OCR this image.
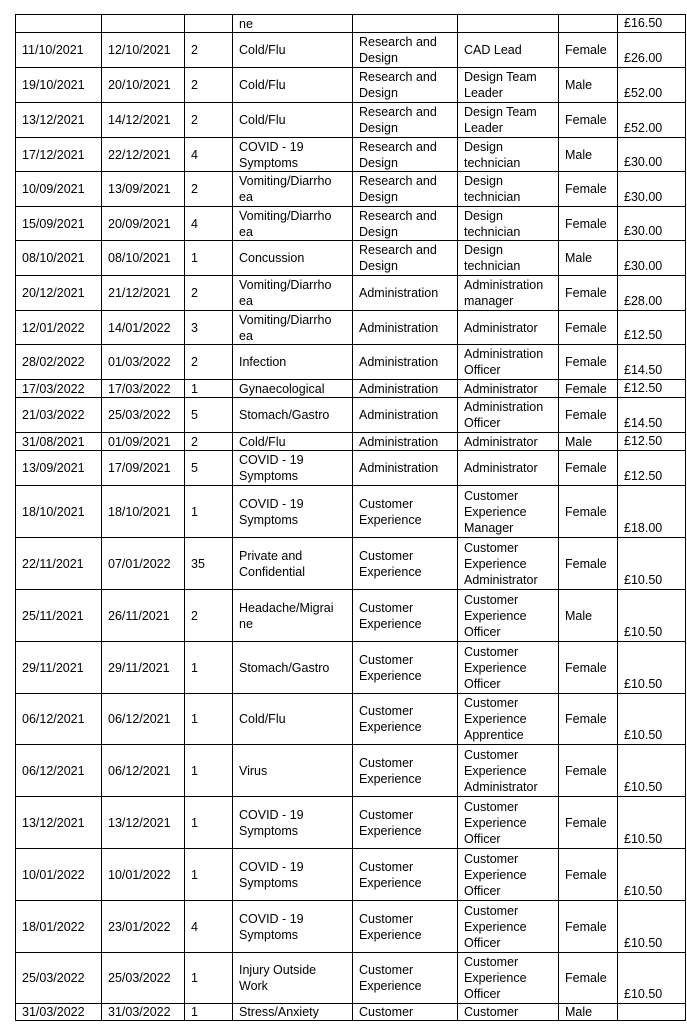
			ne				£16.50
11/10/2021	12/10/2021	2	Cold/Flu	Research and
Design	CAD Lead	Female	£26.00
19/10/2021	20/10/2021	2	Cold/Flu	Research and
Design	Design Team
Leader	Male	£52.00
13/12/2021	14/12/2021	2	Cold/Flu	Research and
Design	Design Team
Leader	Female	£52.00
17/12/2021	22/12/2021	4	COVID - 19
Symptoms	Research and
Design	Design
technician	Male	£30.00
10/09/2021	13/09/2021	2	Vomiting/Diarrho
ea	Research and
Design	Design
technician	Female	£30.00
15/09/2021	20/09/2021	4	Vomiting/Diarrho
ea	Research and
Design	Design
technician	Female	£30.00
08/10/2021	08/10/2021	1	Concussion	Research and
Design	Design
technician	Male	£30.00
20/12/2021	21/12/2021	2	Vomiting/Diarrho
ea	Administration	Administration
manager	Female	£28.00
12/01/2022	14/01/2022	3	Vomiting/Diarrho
ea	Administration	Administrator	Female	£12.50
28/02/2022	01/03/2022	2	Infection	Administration	Administration
Officer	Female	£14.50
17/03/2022	17/03/2022	1	Gynaecological	Administration	Administrator	Female	£12.50
21/03/2022	25/03/2022	5	Stomach/Gastro	Administration	Administration
Officer	Female	£14.50
31/08/2021	01/09/2021	2	Cold/Flu	Administration	Administrator	Male	£12.50
13/09/2021	17/09/2021	5	COVID - 19
Symptoms	Administration	Administrator	Female	£12.50
18/10/2021	18/10/2021	1	COVID - 19
Symptoms	Customer
Experience	Customer
Experience
Manager	Female	£18.00
22/11/2021	07/01/2022	35	Private and
Confidential	Customer
Experience	Customer
Experience
Administrator	Female	£10.50
25/11/2021	26/11/2021	2	Headache/Migrai
ne	Customer
Experience	Customer
Experience
Officer	Male	£10.50
29/11/2021	29/11/2021	1	Stomach/Gastro	Customer
Experience	Customer
Experience
Officer	Female	£10.50
06/12/2021	06/12/2021	1	Cold/Flu	Customer
Experience	Customer
Experience
Apprentice	Female	£10.50
06/12/2021	06/12/2021	1	Virus	Customer
Experience	Customer
Experience
Administrator	Female	£10.50
13/12/2021	13/12/2021	1	COVID - 19
Symptoms	Customer
Experience	Customer
Experience
Officer	Female	£10.50
10/01/2022	10/01/2022	1	COVID - 19
Symptoms	Customer
Experience	Customer
Experience
Officer	Female	£10.50
18/01/2022	23/01/2022	4	COVID - 19
Symptoms	Customer
Experience	Customer
Experience
Officer	Female	£10.50
25/03/2022	25/03/2022	1	Injury Outside
Work	Customer
Experience	Customer
Experience
Officer	Female	£10.50
31/03/2022	31/03/2022	1	Stress/Anxiety	Customer	Customer	Male	
